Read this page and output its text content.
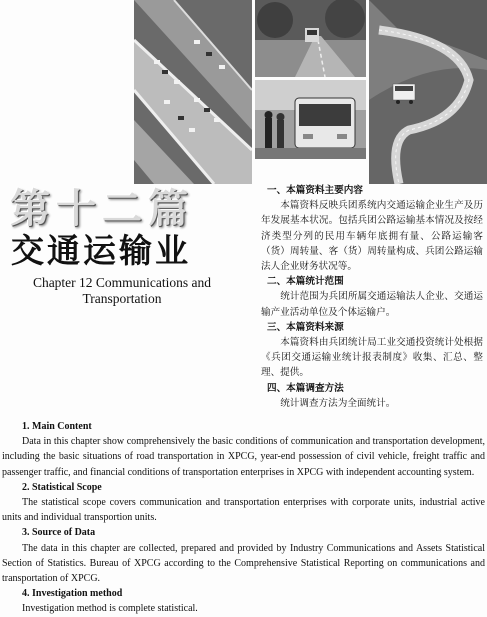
第十二篇
交通运输业
Chapter 12 Communications and
Transportation
一、本篇资料主要内容

本篇资料反映兵团系统内交通运输企业生产及历年发展基本状况。包括兵团公路运输基本情况及按经济类型分列的民用车辆年底拥有量、公路运输客（货）周转量、客（货）周转量构成、兵团公路运输法人企业财务状况等。

二、本篇统计范围

统计范围为兵团所属交通运输法人企业、交通运输产业活动单位及个体运输户。

三、本篇资料来源

本篇资料由兵团统计局工业交通投资统计处根据《兵团交通运输业统计报表制度》收集、汇总、整理、提供。

四、本篇调查方法

统计调查方法为全面统计。

1. Main Content

Data in this chapter show comprehensively the basic conditions of communication and transportation development, including the basic situations of road transportation in XPCG, year-end possession of civil vehicle, freight traffic and passenger traffic, and financial conditions of transportation enterprises in XPCG with independent accounting system.

2. Statistical Scope

The statistical scope covers communication and transportation enterprises with corporate units, industrial active units and individual transportion units.

3. Source of Data

The data in this chapter are collected, prepared and provided by Industry Communications and Assets Statistical Section of Statistics. Bureau of XPCG according to the Comprehensive Statistical Reporting on communications and transportation of XPCG.

4. Investigation method

Investigation method is complete statistical.
